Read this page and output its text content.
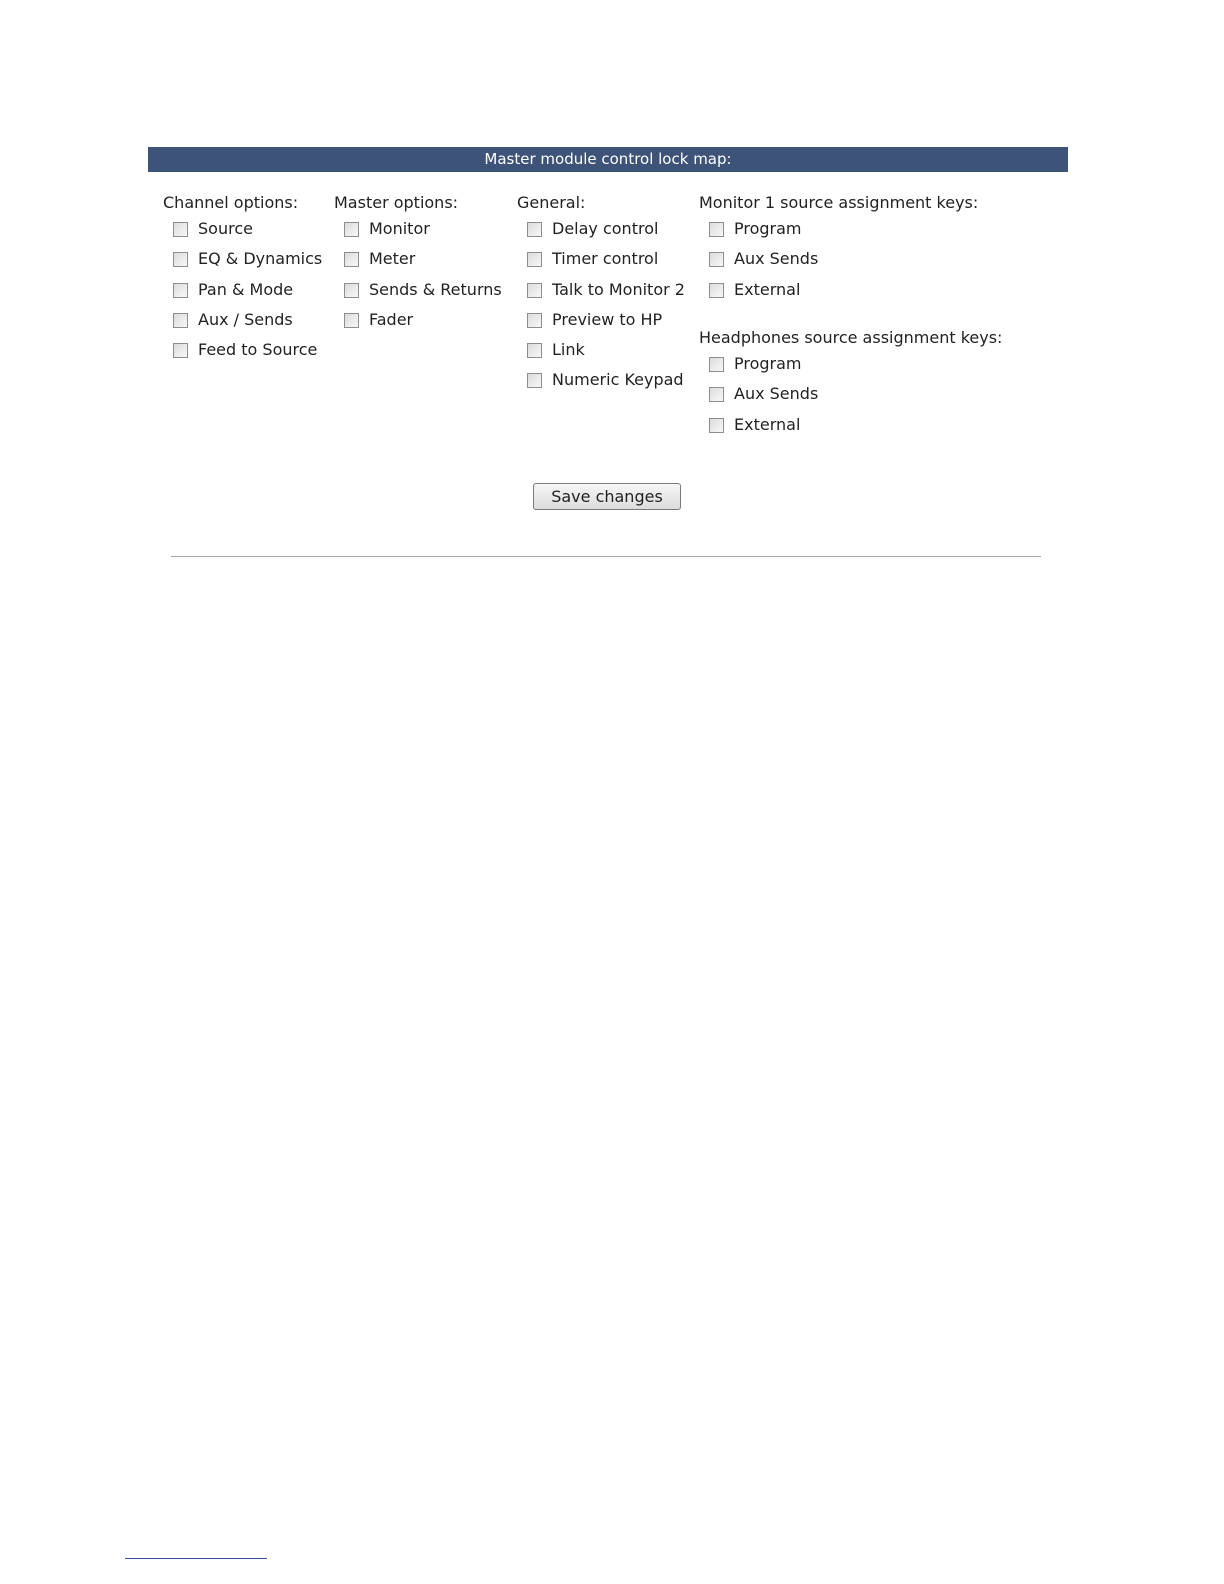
Master module control lock map:
Channel options:
Source
EQ & Dynamics
Pan & Mode
Aux / Sends
Feed to Source
Master options:
Monitor
Meter
Sends & Returns
Fader
General:
Delay control
Timer control
Talk to Monitor 2
Preview to HP
Link
Numeric Keypad
Monitor 1 source assignment keys:
Program
Aux Sends
External
Headphones source assignment keys:
Program
Aux Sends
External
Save changes
